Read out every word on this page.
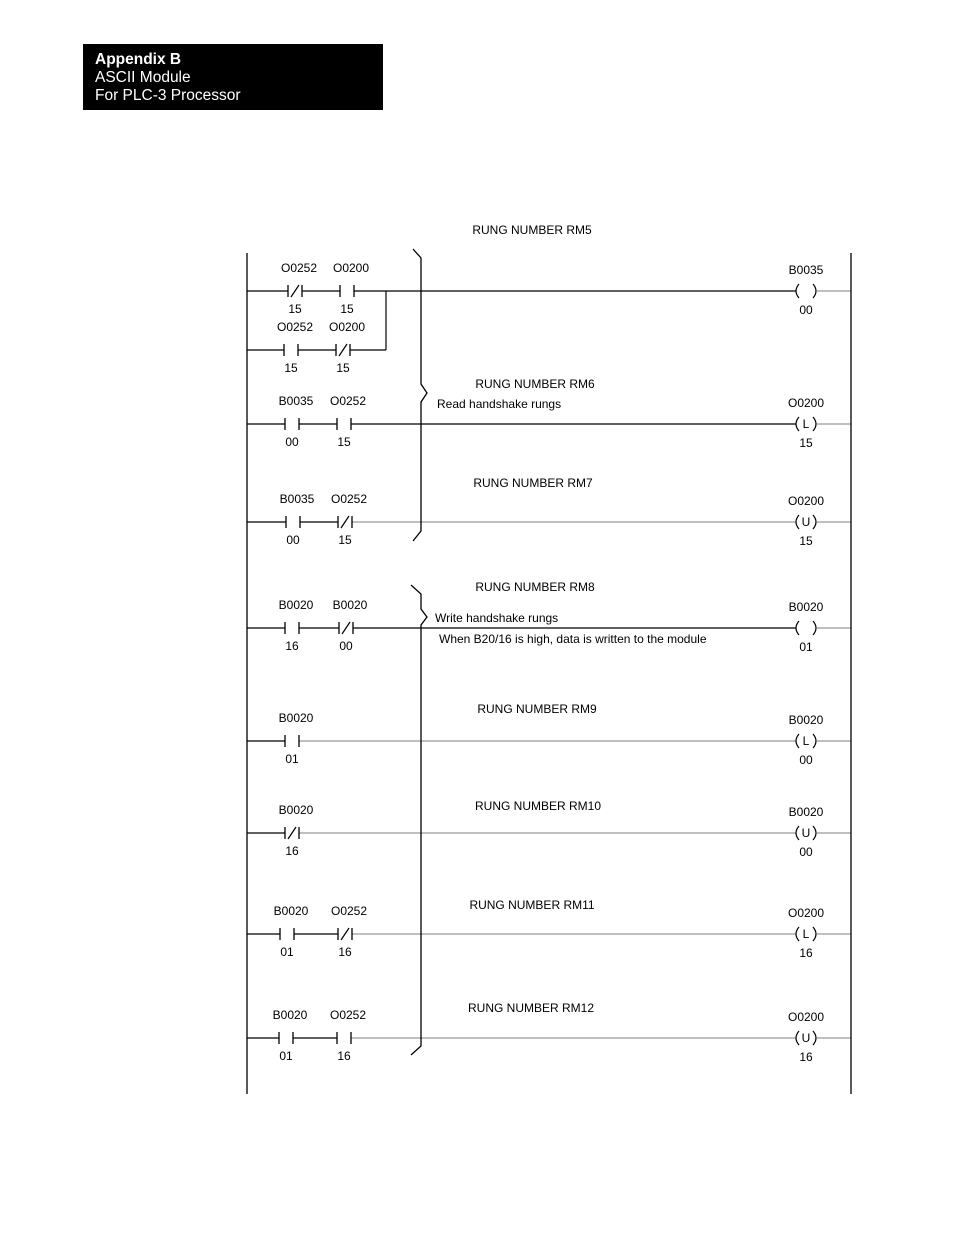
Appendix B
ASCII Module
For PLC-3 Processor
RUNG NUMBER RM5
O0252
15
O0200
15
O0252
15
O0200
15
B0035
00
RUNG NUMBER RM6
Read handshake rungs
B0035
00
O0252
15
L
O0200
15
RUNG NUMBER RM7
B0035
00
O0252
15
U
O0200
15
RUNG NUMBER RM8
Write handshake rungs
When B20/16 is high, data is written to the module
B0020
16
B0020
00
B0020
01
RUNG NUMBER RM9
B0020
01
L
B0020
00
RUNG NUMBER RM10
B0020
16
U
B0020
00
RUNG NUMBER RM11
B0020
01
O0252
16
L
O0200
16
RUNG NUMBER RM12
B0020
01
O0252
16
U
O0200
16
